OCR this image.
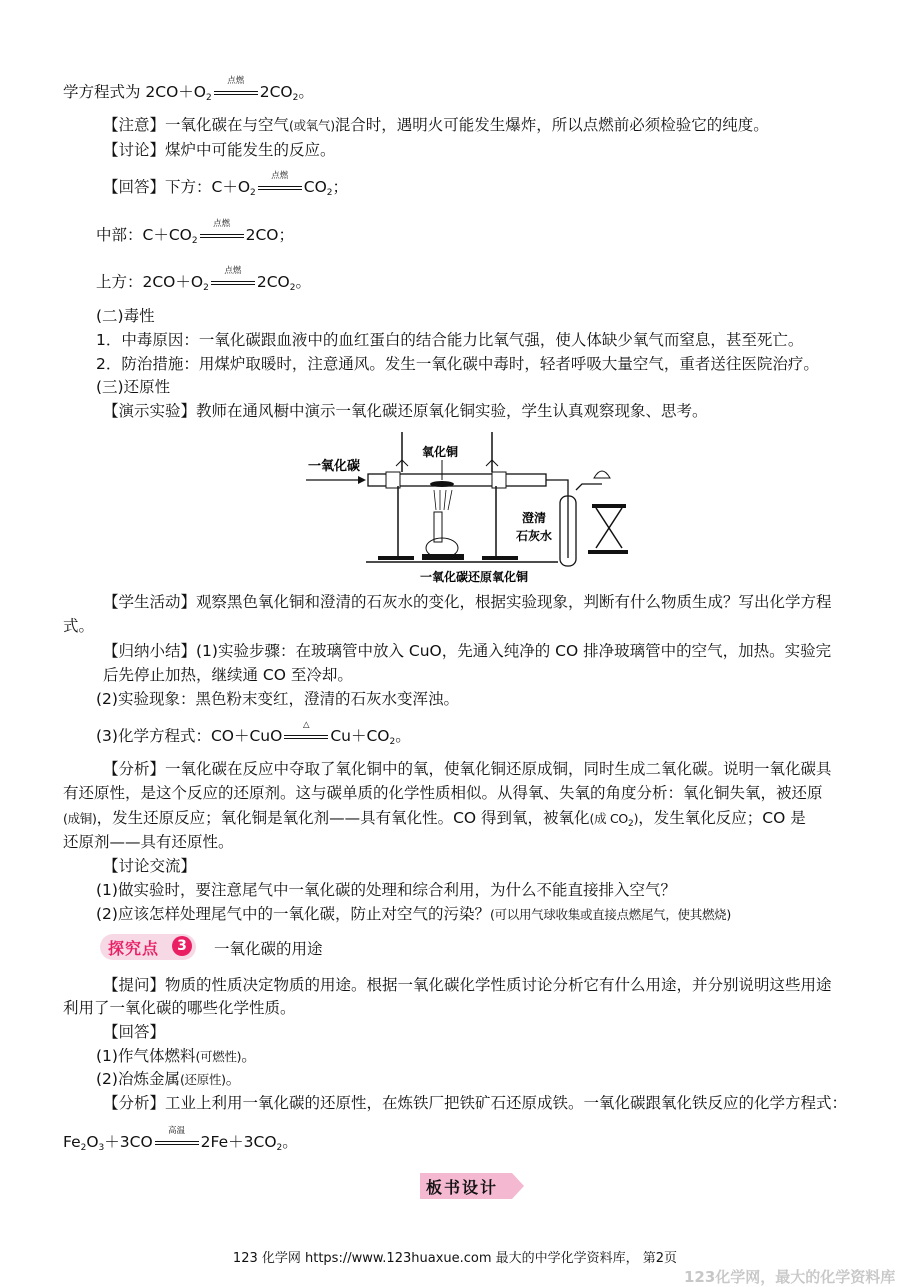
学方程式为 $2CO+O_2$
点燃
$2CO_2$。
【注意】一氧化碳在与空气(或氧气)混合时，遇明火可能发生爆炸，所以点燃前必须检验它的纯度。
【讨论】煤炉中可能发生的反应。
【回答】下方：$C+O_2$
点燃
$CO_2$；
中部：$C+CO_2$
点燃
2CO；
上方：$2CO+O_2$
点燃
$2CO_2$。
(二)毒性
1．中毒原因：一氧化碳跟血液中的血红蛋白的结合能力比氧气强，使人体缺少氧气而窒息，甚至死亡。
2．防治措施：用煤炉取暖时，注意通风。发生一氧化碳中毒时，轻者呼吸大量空气，重者送往医院治疗。
(三)还原性
【演示实验】教师在通风橱中演示一氧化碳还原氧化铜实验，学生认真观察现象、思考。
一氧化碳
氧化铜
澄清
石灰水
一氧化碳还原氧化铜
【学生活动】观察黑色氧化铜和澄清的石灰水的变化，根据实验现象，判断有什么物质生成？写出化学方程
式。
【归纳小结】(1)实验步骤：在玻璃管中放入 CuO，先通入纯净的 CO 排净玻璃管中的空气，加热。实验完
后先停止加热，继续通 CO 至冷却。
(2)实验现象：黑色粉末变红，澄清的石灰水变浑浊。
(3)化学方程式：CO＋CuO
△
$Cu+CO_2$。
【分析】一氧化碳在反应中夺取了氧化铜中的氧，使氧化铜还原成铜，同时生成二氧化碳。说明一氧化碳具
有还原性，是这个反应的还原剂。这与碳单质的化学性质相似。从得氧、失氧的角度分析：氧化铜失氧，被还原
(成铜)，发生还原反应；氧化铜是氧化剂——具有氧化性。CO 得到氧，被氧化(成 $CO_2$)，发生氧化反应；CO 是
还原剂——具有还原性。
【讨论交流】
(1)做实验时，要注意尾气中一氧化碳的处理和综合利用，为什么不能直接排入空气？
(2)应该怎样处理尾气中的一氧化碳，防止对空气的污染？(可以用气球收集或直接点燃尾气，使其燃烧)
探究点	3	一氧化碳的用途
【提问】物质的性质决定物质的用途。根据一氧化碳化学性质讨论分析它有什么用途，并分别说明这些用途
利用了一氧化碳的哪些化学性质。
【回答】
(1)作气体燃料(可燃性)。
(2)冶炼金属(还原性)。
【分析】工业上利用一氧化碳的还原性，在炼铁厂把铁矿石还原成铁。一氧化碳跟氧化铁反应的化学方程式：
$Fe_2O_3+3CO$
高温
$2Fe+3CO_2$。
板书设计
123 化学网 https://www.123huaxue.com 最大的中学化学资料库， 第2页
123化学网，最大的化学资料库
